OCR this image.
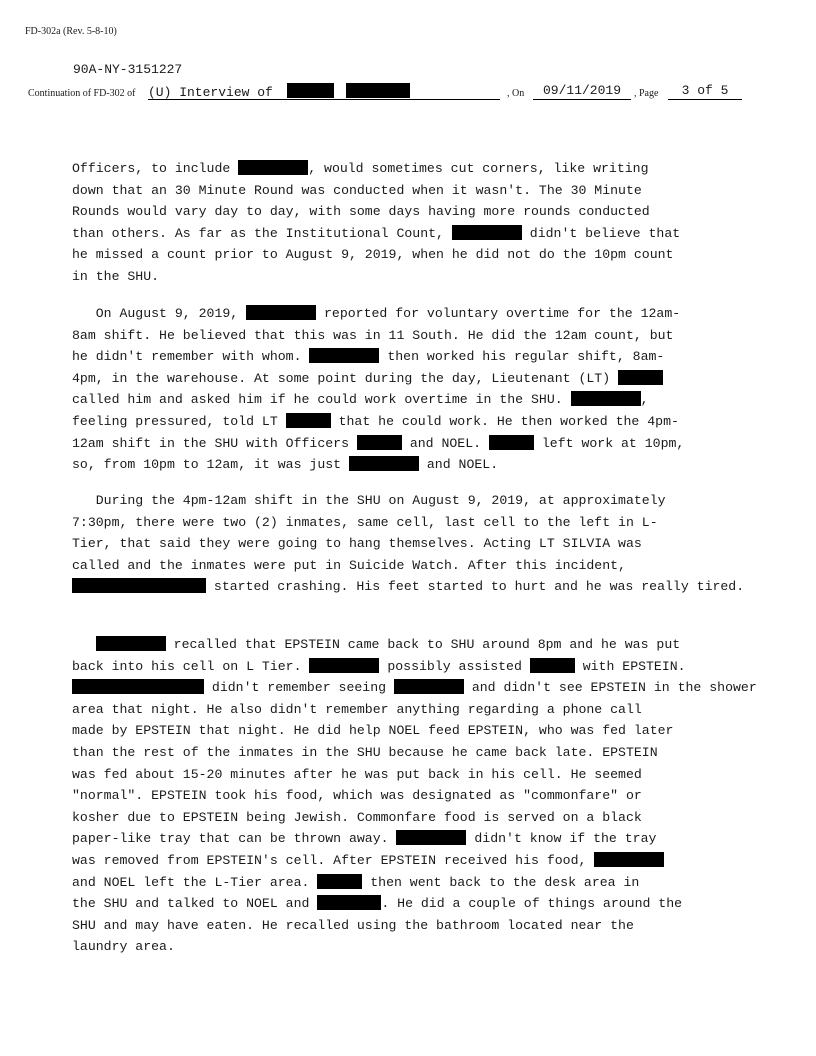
FD-302a (Rev. 5-8-10)
90A-NY-3151227
Continuation of FD-302 of (U) Interview of	, On	09/11/2019	, Page	3 of 5
Officers, to include	, would sometimes cut corners, like writing
down that an 30 Minute Round was conducted when it wasn't. The 30 Minute
Rounds would vary day to day, with some days having more rounds conducted
than others. As far as the Institutional Count,	didn't believe that
he missed a count prior to August 9, 2019, when he did not do the 10pm count
in the SHU.
On August 9, 2019,	reported for voluntary overtime for the 12am-
8am shift. He believed that this was in 11 South. He did the 12am count, but
he didn't remember with whom.	then worked his regular shift, 8am-
4pm, in the warehouse. At some point during the day, Lieutenant (LT)
called him and asked him if he could work overtime in the SHU.	,
feeling pressured, told LT	that he could work. He then worked the 4pm-
12am shift in the SHU with Officers	and NOEL.	left work at 10pm,
so, from 10pm to 12am, it was just	and NOEL.
During the 4pm-12am shift in the SHU on August 9, 2019, at approximately
7:30pm, there were two (2) inmates, same cell, last cell to the left in L-
Tier, that said they were going to hang themselves. Acting LT SILVIA was
called and the inmates were put in Suicide Watch. After this incident,
started crashing. His feet started to hurt and he was really tired.
recalled that EPSTEIN came back to SHU around 8pm and he was put
back into his cell on L Tier.	possibly assisted	with EPSTEIN.
didn't remember seeing	and didn't see EPSTEIN in the shower
area that night. He also didn't remember anything regarding a phone call
made by EPSTEIN that night. He did help NOEL feed EPSTEIN, who was fed later
than the rest of the inmates in the SHU because he came back late. EPSTEIN
was fed about 15-20 minutes after he was put back in his cell. He seemed
"normal". EPSTEIN took his food, which was designated as "commonfare" or
kosher due to EPSTEIN being Jewish. Commonfare food is served on a black
paper-like tray that can be thrown away.	didn't know if the tray
was removed from EPSTEIN's cell. After EPSTEIN received his food,
and NOEL left the L-Tier area.	then went back to the desk area in
the SHU and talked to NOEL and	. He did a couple of things around the
SHU and may have eaten. He recalled using the bathroom located near the
laundry area.
